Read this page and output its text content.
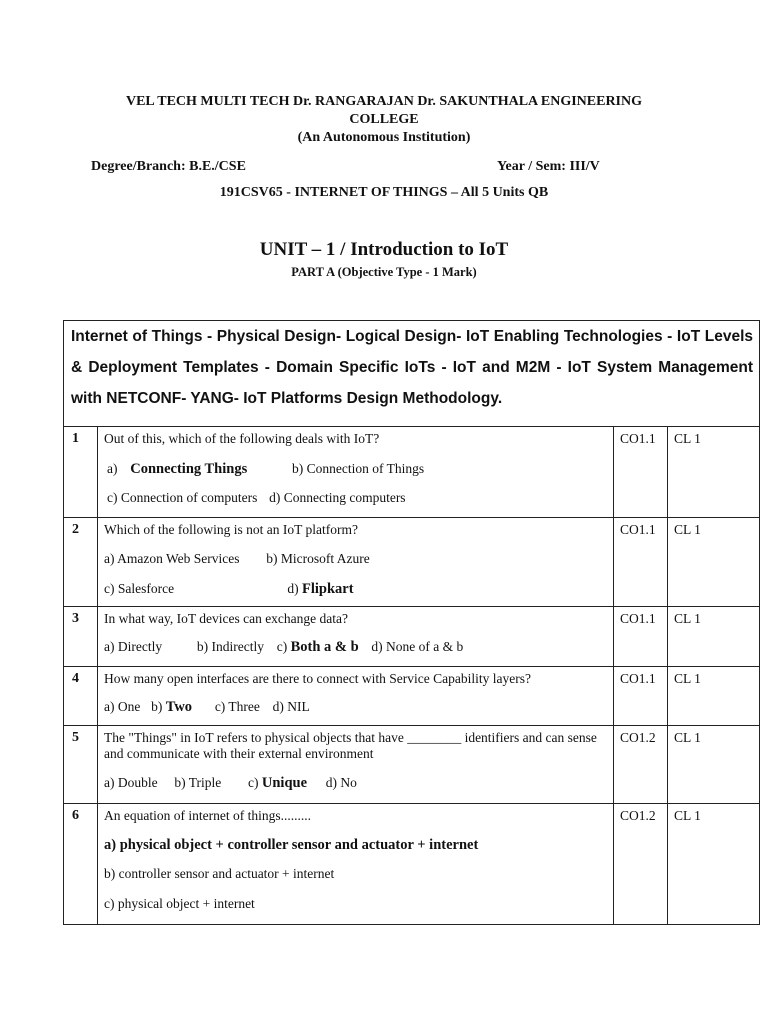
VEL TECH MULTI TECH Dr. RANGARAJAN Dr. SAKUNTHALA ENGINEERING
COLLEGE
(An Autonomous Institution)
Degree/Branch: B.E./CSE	Year / Sem: III/V
191CSV65 - INTERNET OF THINGS – All 5 Units QB
UNIT – 1 / Introduction to IoT
PART A (Objective Type - 1 Mark)
Internet of Things - Physical Design- Logical Design- IoT Enabling Technologies - IoT Levels & Deployment Templates - Domain Specific IoTs - IoT and M2M - IoT System Management with NETCONF- YANG- IoT Platforms Design Methodology.			
1	Out of this, which of the following deals with IoT?
a) Connecting Things b) Connection of Things
c) Connection of computers d) Connecting computers	CO1.1	CL 1
2	Which of the following is not an IoT platform?
a) Amazon Web Services b) Microsoft Azure
c) Salesforce d) Flipkart	CO1.1	CL 1
3	In what way, IoT devices can exchange data?
a) Directly b) Indirectly c) Both a & b d) None of a & b	CO1.1	CL 1
4	How many open interfaces are there to connect with Service Capability layers?
a) One b) Two c) Three d) NIL	CO1.1	CL 1
5	The "Things" in IoT refers to physical objects that have ________ identifiers and can sense and communicate with their external environment
a) Double b) Triple c) Unique d) No	CO1.2	CL 1
6	An equation of internet of things.........
a) physical object + controller sensor and actuator + internet
b) controller sensor and actuator + internet
c) physical object + internet	CO1.2	CL 1
